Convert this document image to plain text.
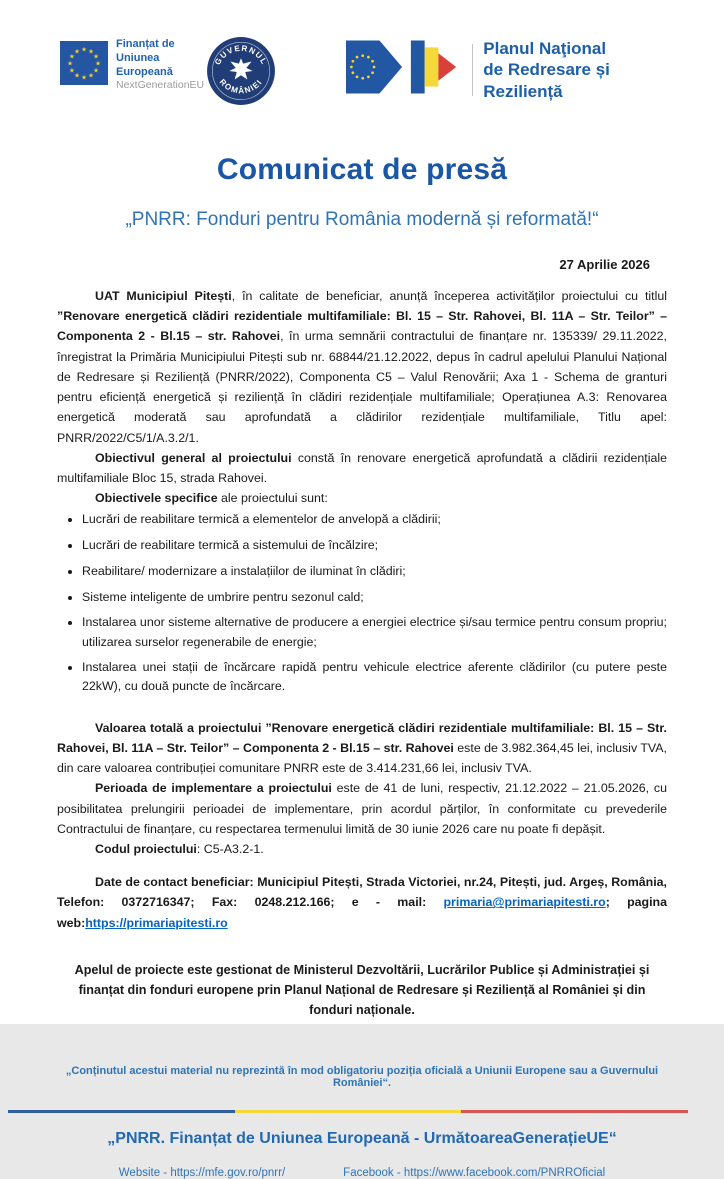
★ ★
★
★
★
★
★
★
★
★
★
★
Finanțat de
Uniunea Europeană
NextGenerationEU
GUVERNUL
ROMÂNIEI
Planul Naţional
de Redresare și Reziliență
Comunicat de presă
„PNRR: Fonduri pentru România modernă și reformată!“
27 Aprilie 2026

UAT Municipiul Pitești, în calitate de beneficiar, anunță începerea activităților proiectului cu titlul ”Renovare energetică clădiri rezidentiale multifamiliale: Bl. 15 – Str. Rahovei, Bl. 11A – Str. Teilor” – Componenta 2 - Bl.15 – str. Rahovei, în urma semnării contractului de finanțare nr. 135339/ 29.11.2022, înregistrat la Primăria Municipiului Pitești sub nr. 68844/21.12.2022, depus în cadrul apelului Planului Național de Redresare și Reziliență (PNRR/2022), Componenta C5 – Valul Renovării; Axa 1 - Schema de granturi pentru eficiență energetică și reziliență în clădiri rezidențiale multifamiliale; Operațiunea A.3: Renovarea energetică moderată sau aprofundată a clădirilor rezidențiale multifamiliale, Titlu apel: PNRR/2022/C5/1/A.3.2/1.

Obiectivul general al proiectului constă în renovare energetică aprofundată a clădirii rezidențiale multifamiliale Bloc 15, strada Rahovei.

Obiectivele specifice ale proiectului sunt:

• Lucrări de reabilitare termică a elementelor de anvelopă a clădirii;
• Lucrări de reabilitare termică a sistemului de încălzire;
• Reabilitare/ modernizare a instalațiilor de iluminat în clădiri;
• Sisteme inteligente de umbrire pentru sezonul cald;
• Instalarea unor sisteme alternative de producere a energiei electrice și/sau termice pentru consum propriu; utilizarea surselor regenerabile de energie;
• Instalarea unei stații de încărcare rapidă pentru vehicule electrice aferente clădirilor (cu putere peste 22kW), cu două puncte de încărcare.

Valoarea totală a proiectului ”Renovare energetică clădiri rezidentiale multifamiliale: Bl. 15 – Str. Rahovei, Bl. 11A – Str. Teilor” – Componenta 2 - Bl.15 – str. Rahovei este de 3.982.364,45 lei, inclusiv TVA, din care valoarea contribuției comunitare PNRR este de 3.414.231,66 lei, inclusiv TVA.

Perioada de implementare a proiectului este de 41 de luni, respectiv, 21.12.2022 – 21.05.2026, cu posibilitatea prelungirii perioadei de implementare, prin acordul părților, în conformitate cu prevederile Contractului de finanțare, cu respectarea termenului limită de 30 iunie 2026 care nu poate fi depășit.

Codul proiectului: C5-A3.2-1.

Date de contact beneficiar: Municipiul Pitești, Strada Victoriei, nr.24, Pitești, jud. Argeș, România, Telefon: 0372716347; Fax: 0248.212.166; e - mail: primaria@primariapitesti.ro; pagina web:https://primariapitesti.ro

Apelul de proiecte este gestionat de Ministerul Dezvoltării, Lucrărilor Publice și Administrației și finanțat din fonduri europene prin Planul Național de Redresare și Reziliență al României și din fonduri naționale.

„Conținutul acestui material nu reprezintă în mod obligatoriu poziția oficială a Uniunii Europene sau a Guvernului României“.
„PNRR. Finanțat de Uniunea Europeană - UrmătoareaGenerațieUE“
Website - https://mfe.gov.ro/pnrr/	Facebook - https://www.facebook.com/PNRROficial
